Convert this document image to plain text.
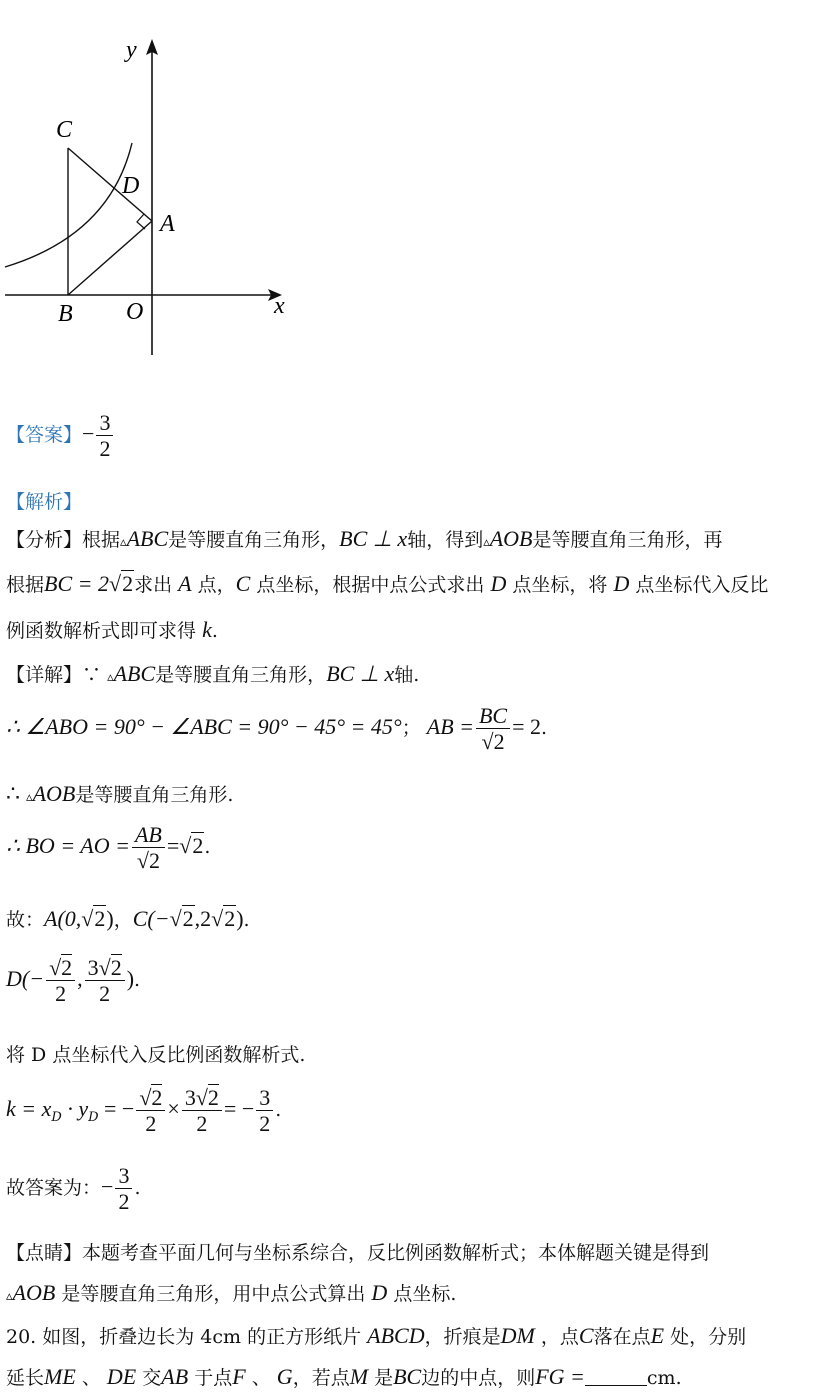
y
C
D
A
x
B O
【答案】− $\frac{3}{2}$
【解析】
【分析】根据▵ABC是等腰直角三角形，BC ⊥ x轴，得到▵AOB是等腰直角三角形，再
根据BC = 2√2求出 A 点，C 点坐标，根据中点公式求出 D 点坐标，将 D 点坐标代入反比
例函数解析式即可求得 k.
【详解】∵ ▵ABC是等腰直角三角形，BC ⊥ x轴.
∴ ∠ABO = 90° − ∠ABC = 90° − 45° = 45°； AB = $\frac{BC}{√2} = 2$.
∴ ▵AOB是等腰直角三角形.
∴ BO = AO = $\frac{AB}{√2} =√2$.
故：A(0,√2)，C(−√2,2√2).
$D(- \frac{√2}{2}$ , $\frac{3√2}{2}$ ).
将 D 点坐标代入反比例函数解析式.
$k = x_D \cdot y_D$ = − $\frac{√2}{2} \times \frac{3√2}{2}$ = − $\frac{3}{2}$ .
故答案为：− $\frac{3}{2}$ .
【点睛】本题考查平面几何与坐标系综合，反比例函数解析式；本体解题关键是得到
▵AOB 是等腰直角三角形，用中点公式算出 D 点坐标.
20. 如图，折叠边长为 4cm 的正方形纸片 ABCD，折痕是DM ，点C落在点E 处，分别
延长ME 、 DE 交AB 于点F 、 G，若点M 是BC边的中点，则FG =	cm.
